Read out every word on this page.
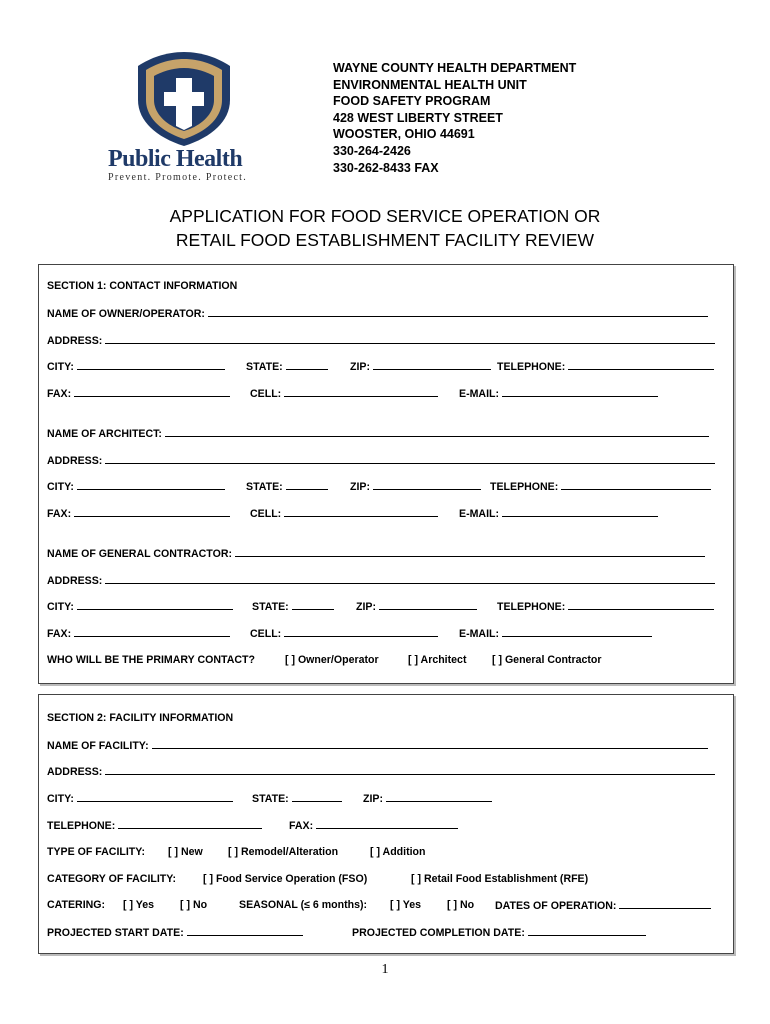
Public Health
Prevent. Promote. Protect.
WAYNE COUNTY HEALTH DEPARTMENT
ENVIRONMENTAL HEALTH UNIT
FOOD SAFETY PROGRAM
428 WEST LIBERTY STREET
WOOSTER, OHIO 44691
330-264-2426
330-262-8433 FAX
APPLICATION FOR FOOD SERVICE OPERATION OR
RETAIL FOOD ESTABLISHMENT FACILITY REVIEW
SECTION 1: CONTACT INFORMATION
NAME OF OWNER/OPERATOR:
ADDRESS:
CITY:	STATE:	ZIP:	TELEPHONE:
FAX:	CELL:	E-MAIL:
NAME OF ARCHITECT:
ADDRESS:
CITY:	STATE:	ZIP:	TELEPHONE:
FAX:	CELL:	E-MAIL:
NAME OF GENERAL CONTRACTOR:
ADDRESS:
CITY:	STATE:	ZIP:	TELEPHONE:
FAX:	CELL:	E-MAIL:
WHO WILL BE THE PRIMARY CONTACT?	[ ] Owner/Operator	[ ] Architect [ ] General Contractor
SECTION 2: FACILITY INFORMATION
NAME OF FACILITY:
ADDRESS:
CITY:	STATE:	ZIP:
TELEPHONE:	FAX:
TYPE OF FACILITY: [ ] New [ ] Remodel/Alteration	[ ] Addition
CATEGORY OF FACILITY:	[ ] Food Service Operation (FSO)	[ ] Retail Food Establishment (RFE)
CATERING: [ ] Yes [ ] No	SEASONAL (≤ 6 months): [ ] Yes [ ] No DATES OF OPERATION:
PROJECTED START DATE:	PROJECTED COMPLETION DATE:
1
